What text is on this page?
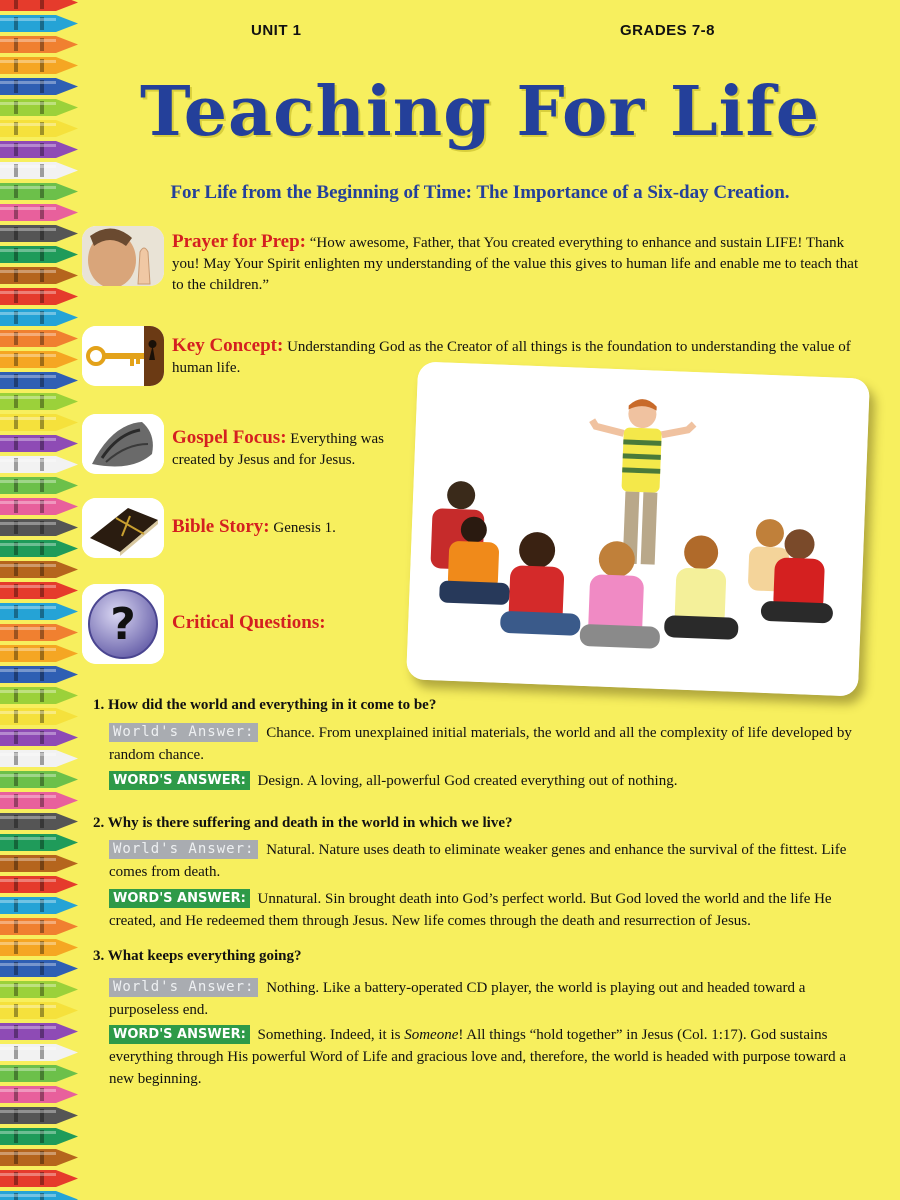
UNIT 1	GRADES 7-8
Teaching For Life
For Life from the Beginning of Time: The Importance of a Six-day Creation.
Prayer for Prep: “How awesome, Father, that You created everything to enhance and sustain LIFE! Thank you! May Your Spirit enlighten my understanding of the value this gives to human life and enable me to teach that to the children.”
Key Concept: Understanding God as the Creator of all things is the foundation to understanding the value of human life.
Gospel Focus: Everything was created by Jesus and for Jesus.
Bible Story: Genesis 1.
? Critical Questions:
1. How did the world and everything in it come to be?
World's Answer: Chance. From unexplained initial materials, the world and all the complexity of life developed by random chance.
WORD'S ANSWER: Design. A loving, all-powerful God created everything out of nothing.
2. Why is there suffering and death in the world in which we live?
World's Answer: Natural. Nature uses death to eliminate weaker genes and enhance the survival of the fittest. Life comes from death.
WORD'S ANSWER: Unnatural. Sin brought death into God’s perfect world. But God loved the world and the life He created, and He redeemed them through Jesus. New life comes through the death and resurrection of Jesus.
3. What keeps everything going?
World's Answer: Nothing. Like a battery-operated CD player, the world is playing out and headed toward a purposeless end.
WORD'S ANSWER: Something. Indeed, it is Someone! All things “hold together” in Jesus (Col. 1:17). God sustains everything through His powerful Word of Life and gracious love and, therefore, the world is headed with purpose toward a new beginning.
